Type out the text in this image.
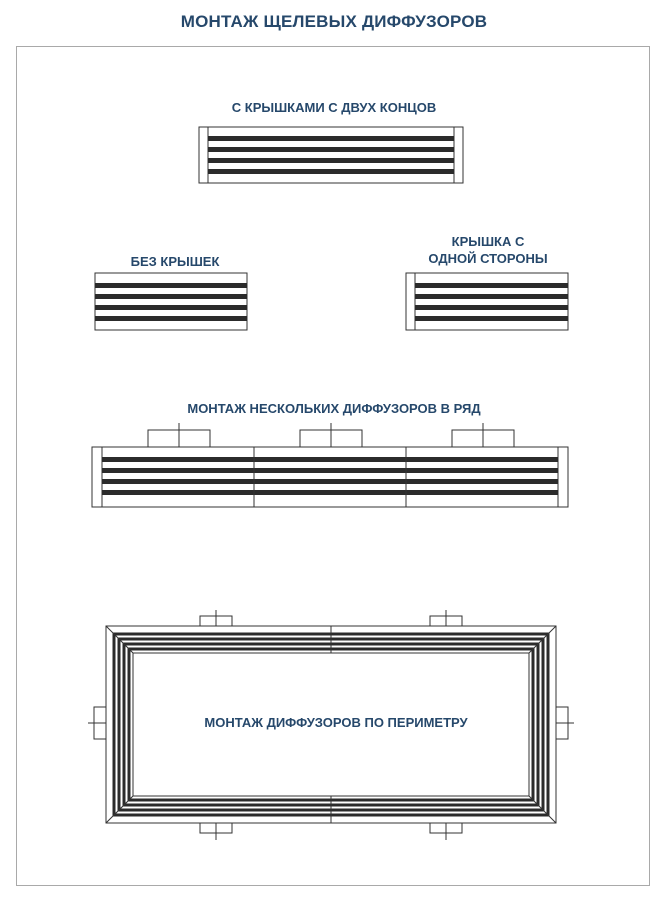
МОНТАЖ ЩЕЛЕВЫХ ДИФФУЗОРОВ
С КРЫШКАМИ С ДВУХ КОНЦОВ
БЕЗ КРЫШЕК
КРЫШКА С
ОДНОЙ СТОРОНЫ
МОНТАЖ НЕСКОЛЬКИХ ДИФФУЗОРОВ В РЯД
МОНТАЖ ДИФФУЗОРОВ ПО ПЕРИМЕТРУ
